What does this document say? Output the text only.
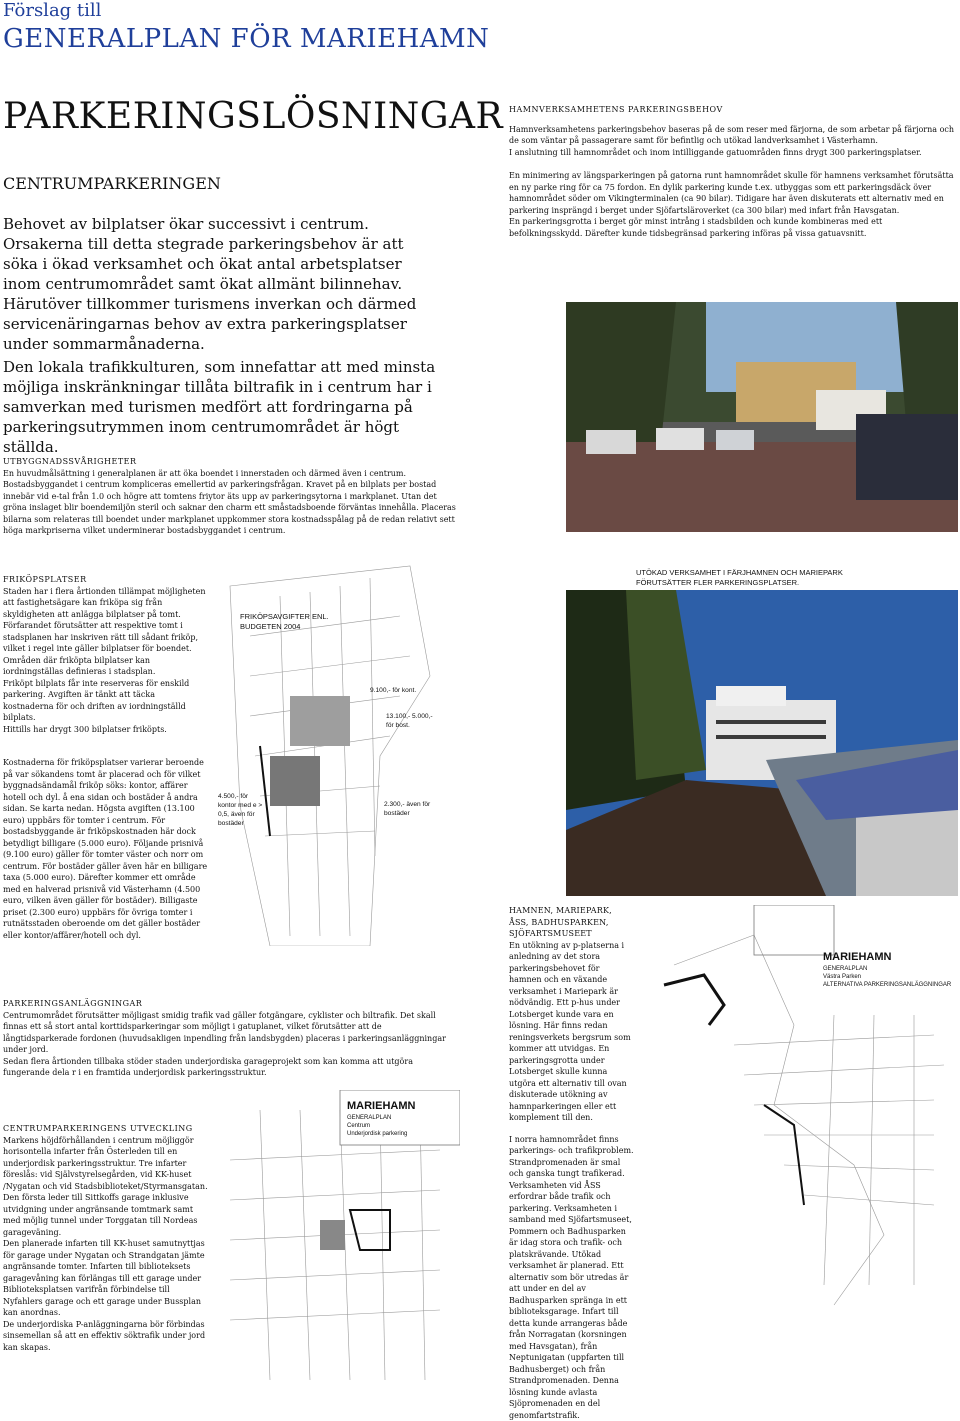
Förslag till
GENERALPLAN FÖR MARIEHAMN
PARKERINGSLÖSNINGAR
CENTRUMPARKERINGEN

Behovet av bilplatser ökar successivt i centrum. Orsakerna till detta stegrade parkeringsbehov är att söka i ökad verksamhet och ökat antal arbetsplatser inom centrumområdet samt ökat allmänt bilinnehav. Härutöver tillkommer turismens inverkan och därmed servicenäringarnas behov av extra parkeringsplatser under sommarmånaderna.

Den lokala trafikkulturen, som innefattar att med minsta möjliga inskränkningar tillåta biltrafik in i centrum har i samverkan med turismen medfört att fordringarna på parkeringsutrymmen inom centrumområdet är högt ställda.

UTBYGGNADSSVÅRIGHETER

En huvudmålsättning i generalplanen är att öka boendet i innerstaden och därmed även i centrum. Bostadsbyggandet i centrum kompliceras emellertid av parkeringsfrågan. Kravet på en bilplats per bostad innebär vid e-tal från 1.0 och högre att tomtens friytor äts upp av parkeringsytorna i markplanet. Utan det gröna inslaget blir boendemiljön steril och saknar den charm ett småstadsboende förväntas innehålla. Placeras bilarna som relateras till boendet under markplanet uppkommer stora kostnadsspålag på de redan relativt sett höga markpriserna vilket underminerar bostadsbyggandet i centrum.

HAMNVERKSAMHETENS PARKERINGSBEHOV

Hamnverksamhetens parkeringsbehov baseras på de som reser med färjorna, de som arbetar på färjorna och de som väntar på passagerare samt för befintlig och utökad landverksamhet i Västerhamn.

I anslutning till hamnområdet och inom intilliggande gatuområden finns drygt 300 parkeringsplatser.

En minimering av längsparkeringen på gatorna runt hamnområdet skulle för hamnens verksamhet förutsätta en ny parke ring för ca 75 fordon. En dylik parkering kunde t.ex. utbyggas som ett parkeringsdäck över hamnområdet söder om Vikingterminalen (ca 90 bilar). Tidigare har även diskuterats ett alternativ med en parkering insprängd i berget under Sjöfartsläroverket (ca 300 bilar) med infart från Havsgatan.

En parkeringsgrotta i berget gör minst intrång i stadsbilden och kunde kombineras med ett befolkningsskydd. Därefter kunde tidsbegränsad parkering införas på vissa gatuavsnitt.

UTÖKAD VERKSAMHET I FÄRJHAMNEN OCH MARIEPARK FÖRUTSÄTTER FLER PARKERINGSPLATSER.
FRIKÖPSPLATSER

Staden har i flera årtionden tillämpat möjligheten att fastighetsägare kan friköpa sig från skyldigheten att anlägga bilplatser på tomt. Förfarandet förutsätter att respektive tomt i stadsplanen har inskriven rätt till sådant friköp, vilket i regel inte gäller bilplatser för boendet. Områden där friköpta bilplatser kan iordningställas definieras i stadsplan.

Friköpt bilplats får inte reserveras för enskild parkering. Avgiften är tänkt att täcka kostnaderna för och driften av iordningställd bilplats.

Hittills har drygt 300 bilplatser friköpts.

Kostnaderna för friköpsplatser varierar beroende på var sökandens tomt är placerad och för vilket byggnadsändamål friköp söks: kontor, affärer hotell och dyl. å ena sidan och bostäder å andra sidan. Se karta nedan. Högsta avgiften (13.100 euro) uppbärs för tomter i centrum. För bostadsbyggande är friköpskostnaden här dock betydligt billigare (5.000 euro). Följande prisnivå (9.100 euro) gäller för tomter väster och norr om centrum. För bostäder gäller även här en billigare taxa (5.000 euro). Därefter kommer ett område med en halverad prisnivå vid Västerhamn (4.500 euro, vilken även gäller för bostäder). Billigaste priset (2.300 euro) uppbärs för övriga tomter i rutnätsstaden oberoende om det gäller bostäder eller kontor/affärer/hotell och dyl.

FRIKÖPSAVGIFTER ENL. BUDGETEN 2004
9.100,- för kont.
13.100,- 5.000,- för bost.
4.500,- för kontor med e > 0,5, även för bostäder
2.300,- även för bostäder
PARKERINGSANLÄGGNINGAR

Centrumområdet förutsätter möjligast smidig trafik vad gäller fotgängare, cyklister och biltrafik. Det skall finnas ett så stort antal korttidsparkeringar som möjligt i gatuplanet, vilket förutsätter att de långtidsparkerade fordonen (huvudsakligen inpendling från landsbygden) placeras i parkeringsanläggningar under jord.

Sedan flera årtionden tillbaka stöder staden underjordiska garageprojekt som kan komma att utgöra fungerande dela r i en framtida underjordisk parkeringsstruktur.

HAMNEN, MARIEPARK, ÅSS, BADHUSPARKEN, SJÖFARTSMUSEET

En utökning av p-platserna i anledning av det stora parkeringsbehovet för hamnen och en växande verksamhet i Mariepark är nödvändig. Ett p-hus under Lotsberget kunde vara en lösning. Här finns redan reningsverkets bergsrum som kommer att utvidgas. En parkeringsgrotta under Lotsberget skulle kunna utgöra ett alternativ till ovan diskuterade utökning av hamnparkeringen eller ett komplement till den.

I norra hamnområdet finns parkerings- och trafikproblem. Strandpromenaden är smal och ganska tungt trafikerad. Verksamheten vid ÅSS erfordrar både trafik och parkering. Verksamheten i samband med Sjöfartsmuseet, Pommern och Badhusparken är idag stora och trafik- och platskrävande. Utökad verksamhet är planerad. Ett alternativ som bör utredas är att under en del av Badhusparken spränga in ett biblioteksgarage. Infart till detta kunde arrangeras både från Norragatan (korsningen med Havsgatan), från Neptunigatan (uppfarten till Badhusberget) och från Strandpromenaden. Denna lösning kunde avlasta Sjöpromenaden en del genomfartstrafik.

MARIEHAMN
GENERALPLAN
Västra Parken
ALTERNATIVA PARKERINGSANLÄGGNINGAR
CENTRUMPARKERINGENS UTVECKLING

Markens höjdförhållanden i centrum möjliggör horisontella infarter från Österleden till en underjordisk parkeringsstruktur. Tre infarter föreslås: vid Självstyrelsegården, vid KK-huset /Nygatan och vid Stadsbiblioteket/Styrmansgatan. Den första leder till Sittkoffs garage inklusive utvidgning under angränsande tomtmark samt med möjlig tunnel under Torggatan till Nordeas garageväning.

Den planerade infarten till KK-huset samutnyttjas för garage under Nygatan och Strandgatan jämte angränsande tomter. Infarten till biblioteksets garagevåning kan förlängas till ett garage under Biblioteksplatsen varifrån förbindelse till Nyfahlers garage och ett garage under Bussplan kan anordnas.

De underjordiska P-anläggningarna bör förbindas sinsemellan så att en effektiv söktrafik under jord kan skapas.

MARIEHAMN
GENERALPLAN
Centrum
Underjordisk parkering
